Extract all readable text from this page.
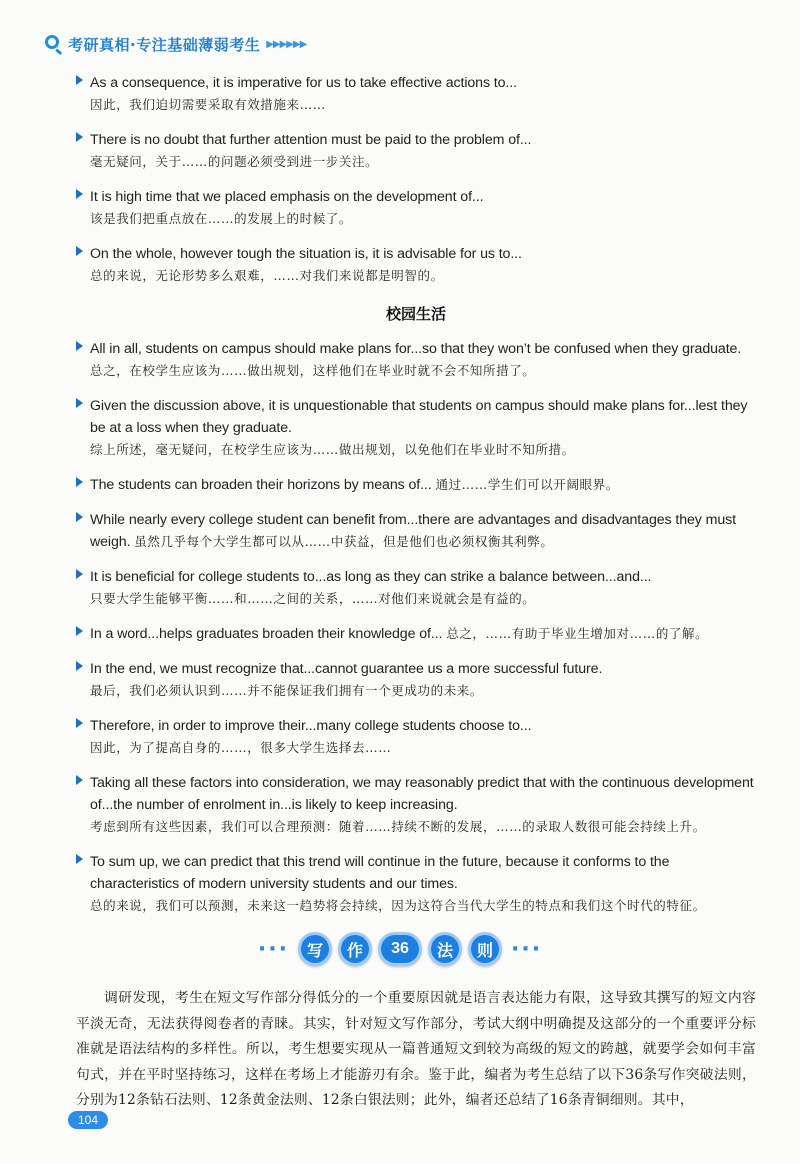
考研真相·专注基础薄弱考生 ▶▶▶▶▶▶
As a consequence, it is imperative for us to take effective actions to...
因此，我们迫切需要采取有效措施来……
There is no doubt that further attention must be paid to the problem of...
毫无疑问，关于……的问题必须受到进一步关注。
It is high time that we placed emphasis on the development of...
该是我们把重点放在……的发展上的时候了。
On the whole, however tough the situation is, it is advisable for us to...
总的来说，无论形势多么艰难，……对我们来说都是明智的。
校园生活
All in all, students on campus should make plans for...so that they won’t be confused when they graduate. 总之，在校学生应该为……做出规划，这样他们在毕业时就不会不知所措了。
Given the discussion above, it is unquestionable that students on campus should make plans for...lest they be at a loss when they graduate.
综上所述，毫无疑问，在校学生应该为……做出规划，以免他们在毕业时不知所措。
The students can broaden their horizons by means of... 通过……学生们可以开阔眼界。
While nearly every college student can benefit from...there are advantages and disadvantages they must weigh. 虽然几乎每个大学生都可以从……中获益，但是他们也必须权衡其利弊。
It is beneficial for college students to...as long as they can strike a balance between...and...
只要大学生能够平衡……和……之间的关系，……对他们来说就会是有益的。
In a word...helps graduates broaden their knowledge of... 总之，……有助于毕业生增加对……的了解。
In the end, we must recognize that...cannot guarantee us a more successful future.
最后，我们必须认识到……并不能保证我们拥有一个更成功的未来。
Therefore, in order to improve their...many college students choose to...
因此，为了提高自身的……，很多大学生选择去……
Taking all these factors into consideration, we may reasonably predict that with the continuous development of...the number of enrolment in...is likely to keep increasing.
考虑到所有这些因素，我们可以合理预测：随着……持续不断的发展，……的录取人数很可能会持续上升。
To sum up, we can predict that this trend will continue in the future, because it conforms to the characteristics of modern university students and our times.
总的来说，我们可以预测，未来这一趋势将会持续，因为这符合当代大学生的特点和我们这个时代的特征。
···	写	作	36	法	则 ···
调研发现，考生在短文写作部分得低分的一个重要原因就是语言表达能力有限，这导致其撰写的短文内容平淡无奇，无法获得阅卷者的青睐。其实，针对短文写作部分，考试大纲中明确提及这部分的一个重要评分标准就是语法结构的多样性。所以，考生想要实现从一篇普通短文到较为高级的短文的跨越，就要学会如何丰富句式，并在平时坚持练习，这样在考场上才能游刃有余。鉴于此，编者为考生总结了以下36条写作突破法则，分别为12条钻石法则、12条黄金法则、12条白银法则；此外，编者还总结了16条青铜细则。其中，
104
